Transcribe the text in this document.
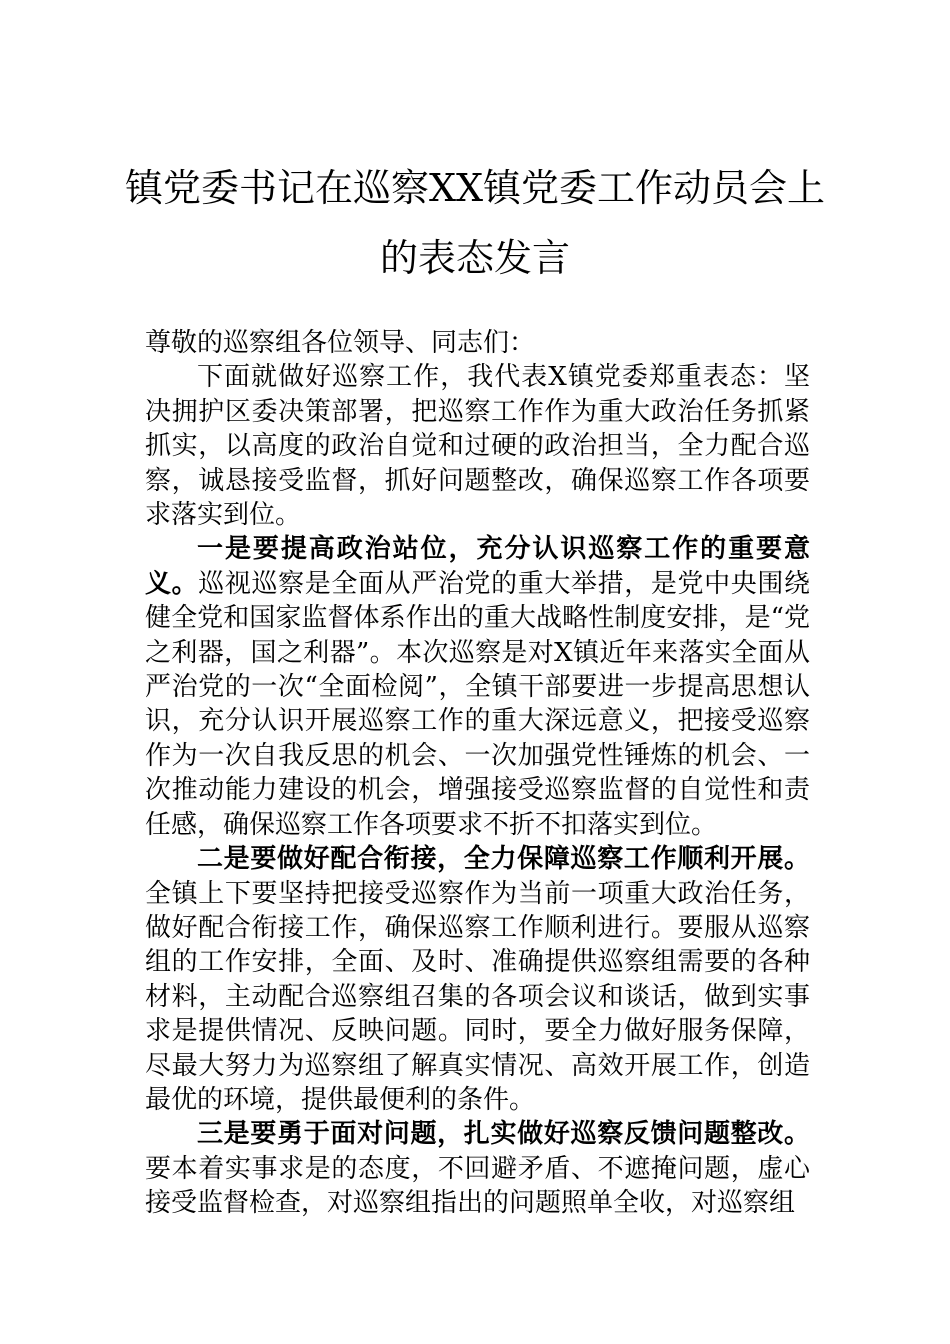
镇党委书记在巡察XX镇党委工作动员会上
的表态发言

尊敬的巡察组各位领导、同志们：

下面就做好巡察工作，我代表X镇党委郑重表态：坚决拥护区委决策部署，把巡察工作作为重大政治任务抓紧抓实，以高度的政治自觉和过硬的政治担当，全力配合巡察，诚恳接受监督，抓好问题整改，确保巡察工作各项要求落实到位。

一是要提高政治站位，充分认识巡察工作的重要意义。巡视巡察是全面从严治党的重大举措，是党中央围绕健全党和国家监督体系作出的重大战略性制度安排，是“党之利器，国之利器”。本次巡察是对X镇近年来落实全面从严治党的一次“全面检阅”，全镇干部要进一步提高思想认识，充分认识开展巡察工作的重大深远意义，把接受巡察作为一次自我反思的机会、一次加强党性锤炼的机会、一次推动能力建设的机会，增强接受巡察监督的自觉性和责任感，确保巡察工作各项要求不折不扣落实到位。

二是要做好配合衔接，全力保障巡察工作顺利开展。全镇上下要坚持把接受巡察作为当前一项重大政治任务，做好配合衔接工作，确保巡察工作顺利进行。要服从巡察组的工作安排，全面、及时、准确提供巡察组需要的各种材料，主动配合巡察组召集的各项会议和谈话，做到实事求是提供情况、反映问题。同时，要全力做好服务保障，尽最大努力为巡察组了解真实情况、高效开展工作，创造最优的环境，提供最便利的条件。

三是要勇于面对问题，扎实做好巡察反馈问题整改。要本着实事求是的态度，不回避矛盾、不遮掩问题，虚心接受监督检查，对巡察组指出的问题照单全收，对巡察组
